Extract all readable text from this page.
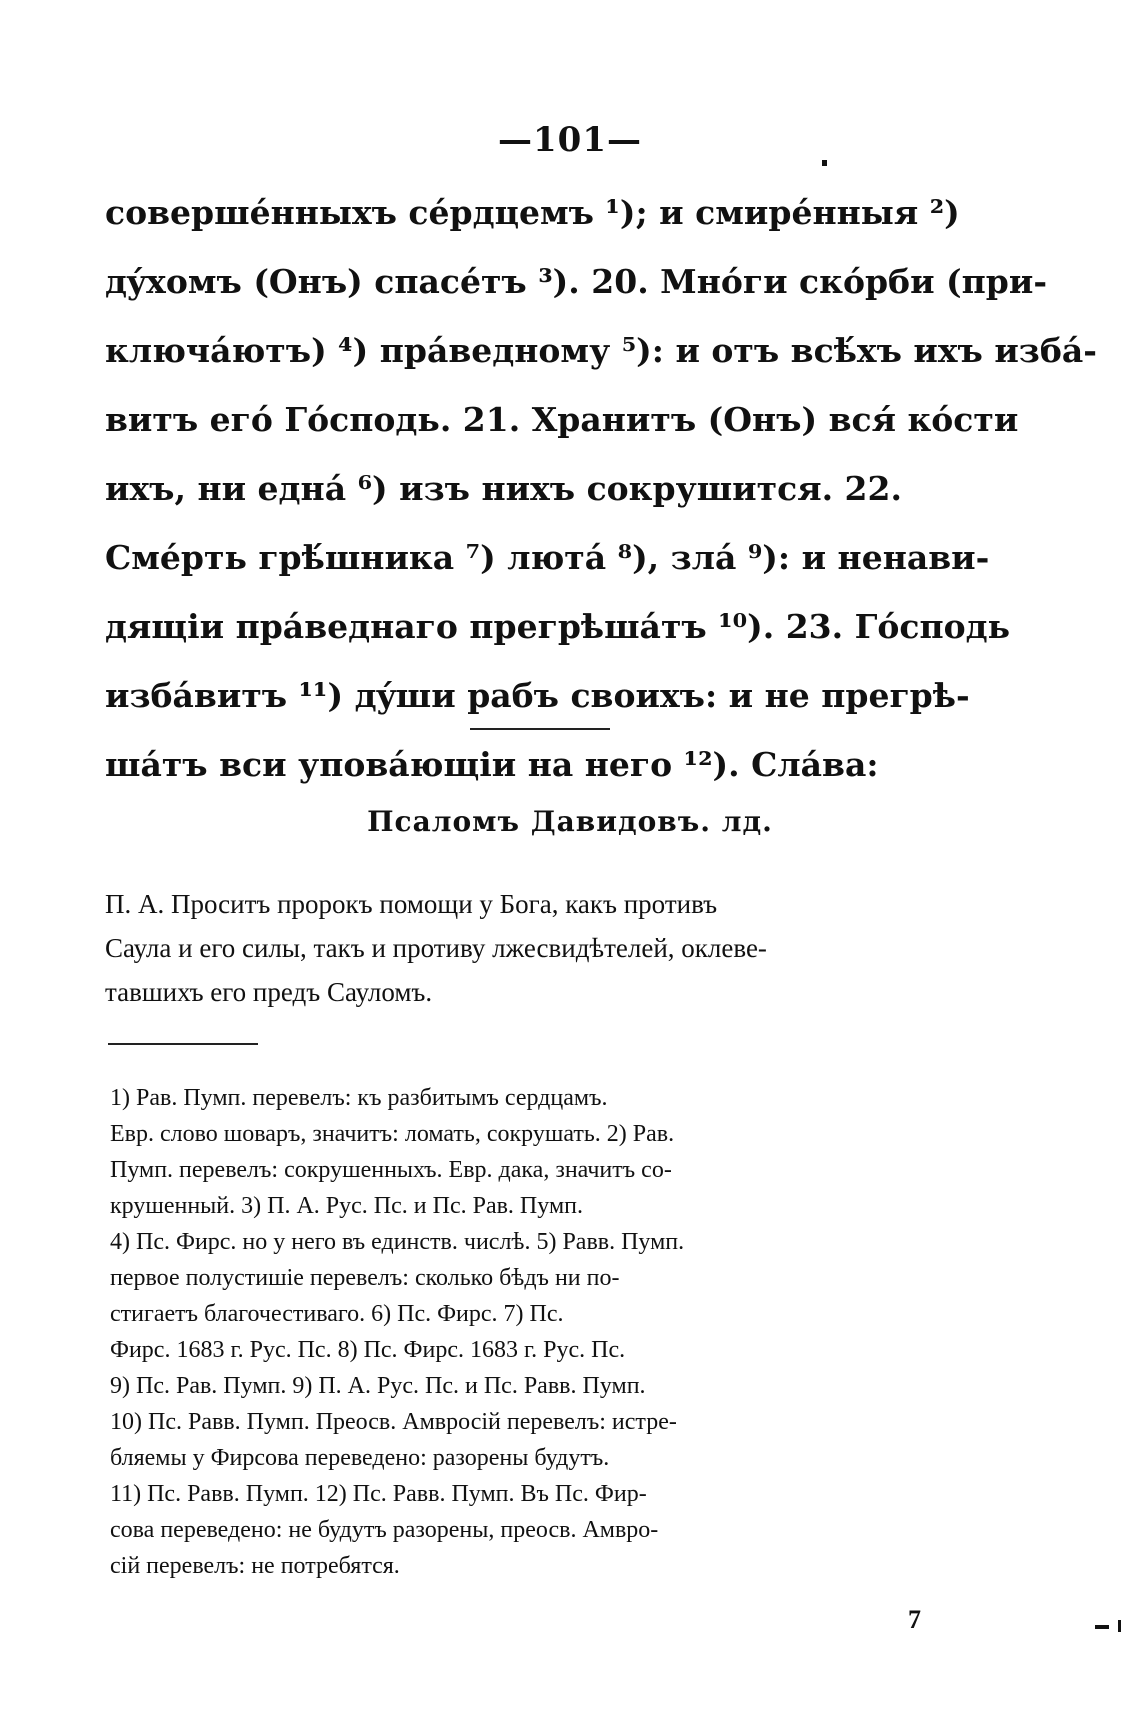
—101—
совершéнныхъ сéрдцемъ ¹); и смирéнныя ²)
дýхомъ (Онъ) спасéтъ ³). 20. Мнóги скóрби (при-
ключáютъ) ⁴) прáведному ⁵): и отъ всѣ́хъ ихъ избá-
витъ егó Гóсподь. 21. Хранитъ (Онъ) вся́ кóсти
ихъ, ни еднá ⁶) изъ нихъ сокрушится. 22.
Смéрть грѣ́шника ⁷) лютá ⁸), злá ⁹): и ненави-
дящіи прáведнаго прегрѣшáтъ ¹⁰). 23. Гóсподь
избáвитъ ¹¹) дýши рабъ своихъ: и не прегрѣ-
шáтъ вси уповáющіи на него ¹²). Слáва:
Псаломъ Давидовъ. лд.
П. А. Проситъ пророкъ помощи у Бога, какъ противъ
Саула и его силы, такъ и противу лжесвидѣтелей, оклеве-
тавшихъ его предъ Сауломъ.
1) Рав. Пумп. перевелъ: къ разбитымъ сердцамъ.
Евр. слово шоваръ, значитъ: ломать, сокрушать. 2) Рав.
Пумп. перевелъ: сокрушенныхъ. Евр. дака, значитъ со-
крушенный. 3) П. А. Рус. Пс. и Пс. Рав. Пумп.
4) Пс. Фирс. но у него въ единств. числѣ. 5) Равв. Пумп.
первое полустишіе перевелъ: сколько бѣдъ ни по-
стигаетъ благочестиваго. 6) Пс. Фирс. 7) Пс.
Фирс. 1683 г. Рус. Пс. 8) Пс. Фирс. 1683 г. Рус. Пс.
9) Пс. Рав. Пумп. 9) П. А. Рус. Пс. и Пс. Равв. Пумп.
10) Пс. Равв. Пумп. Преосв. Амвросій перевелъ: истре-
бляемы у Фирсова переведено: разорены будутъ.
11) Пс. Равв. Пумп. 12) Пс. Равв. Пумп. Въ Пс. Фир-
сова переведено: не будутъ разорены, преосв. Амвро-
сій перевелъ: не потребятся.
7
